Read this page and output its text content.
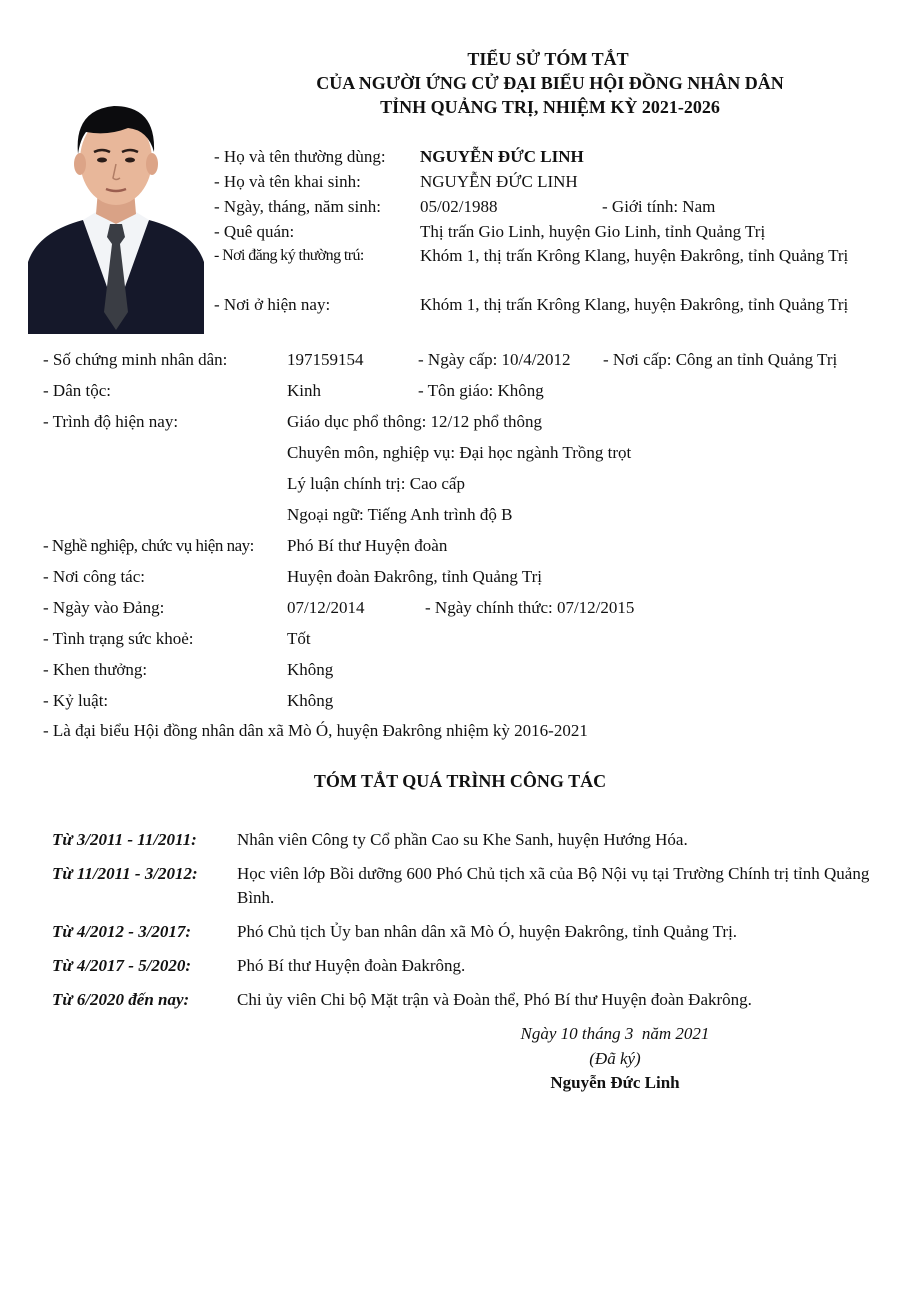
TIỂU SỬ TÓM TẮT
CỦA NGƯỜI ỨNG CỬ ĐẠI BIỂU HỘI ĐỒNG NHÂN DÂN
TỈNH QUẢNG TRỊ, NHIỆM KỲ 2021-2026
- Họ và tên thường dùng: NGUYỄN ĐỨC LINH
- Họ và tên khai sinh:	NGUYỄN ĐỨC LINH
- Ngày, tháng, năm sinh: 05/02/1988	- Giới tính: Nam
- Quê quán:	Thị trấn Gio Linh, huyện Gio Linh, tỉnh Quảng Trị
- Nơi đăng ký thường trú:	Khóm 1, thị trấn Krông Klang, huyện Đakrông, tỉnh Quảng Trị
- Nơi ở hiện nay:	Khóm 1, thị trấn Krông Klang, huyện Đakrông, tỉnh Quảng Trị
- Số chứng minh nhân dân:	197159154	- Ngày cấp: 10/4/2012 - Nơi cấp: Công an tỉnh Quảng Trị
- Dân tộc:	Kinh	- Tôn giáo: Không
- Trình độ hiện nay:	Giáo dục phổ thông: 12/12 phổ thông
Chuyên môn, nghiệp vụ: Đại học ngành Trồng trọt
Lý luận chính trị: Cao cấp
Ngoại ngữ: Tiếng Anh trình độ B
- Nghề nghiệp, chức vụ hiện nay: Phó Bí thư Huyện đoàn
- Nơi công tác:	Huyện đoàn Đakrông, tỉnh Quảng Trị
- Ngày vào Đảng:	07/12/2014	- Ngày chính thức: 07/12/2015
- Tình trạng sức khoẻ:	Tốt
- Khen thưởng:	Không
- Kỷ luật:	Không
- Là đại biểu Hội đồng nhân dân xã Mò Ó, huyện Đakrông nhiệm kỳ 2016-2021
TÓM TẮT QUÁ TRÌNH CÔNG TÁC
Từ 3/2011 - 11/2011: Nhân viên Công ty Cổ phần Cao su Khe Sanh, huyện Hướng Hóa.
Từ 11/2011 - 3/2012: Học viên lớp Bồi dưỡng 600 Phó Chủ tịch xã của Bộ Nội vụ tại Trường Chính trị tỉnh Quảng Bình.
Từ 4/2012 - 3/2017:	Phó Chủ tịch Ủy ban nhân dân xã Mò Ó, huyện Đakrông, tỉnh Quảng Trị.
Từ 4/2017 - 5/2020:	Phó Bí thư Huyện đoàn Đakrông.
Từ 6/2020 đến nay:	Chi ủy viên Chi bộ Mặt trận và Đoàn thể, Phó Bí thư Huyện đoàn Đakrông.
Ngày 10 tháng 3  năm 2021
(Đã ký)
Nguyễn Đức Linh
